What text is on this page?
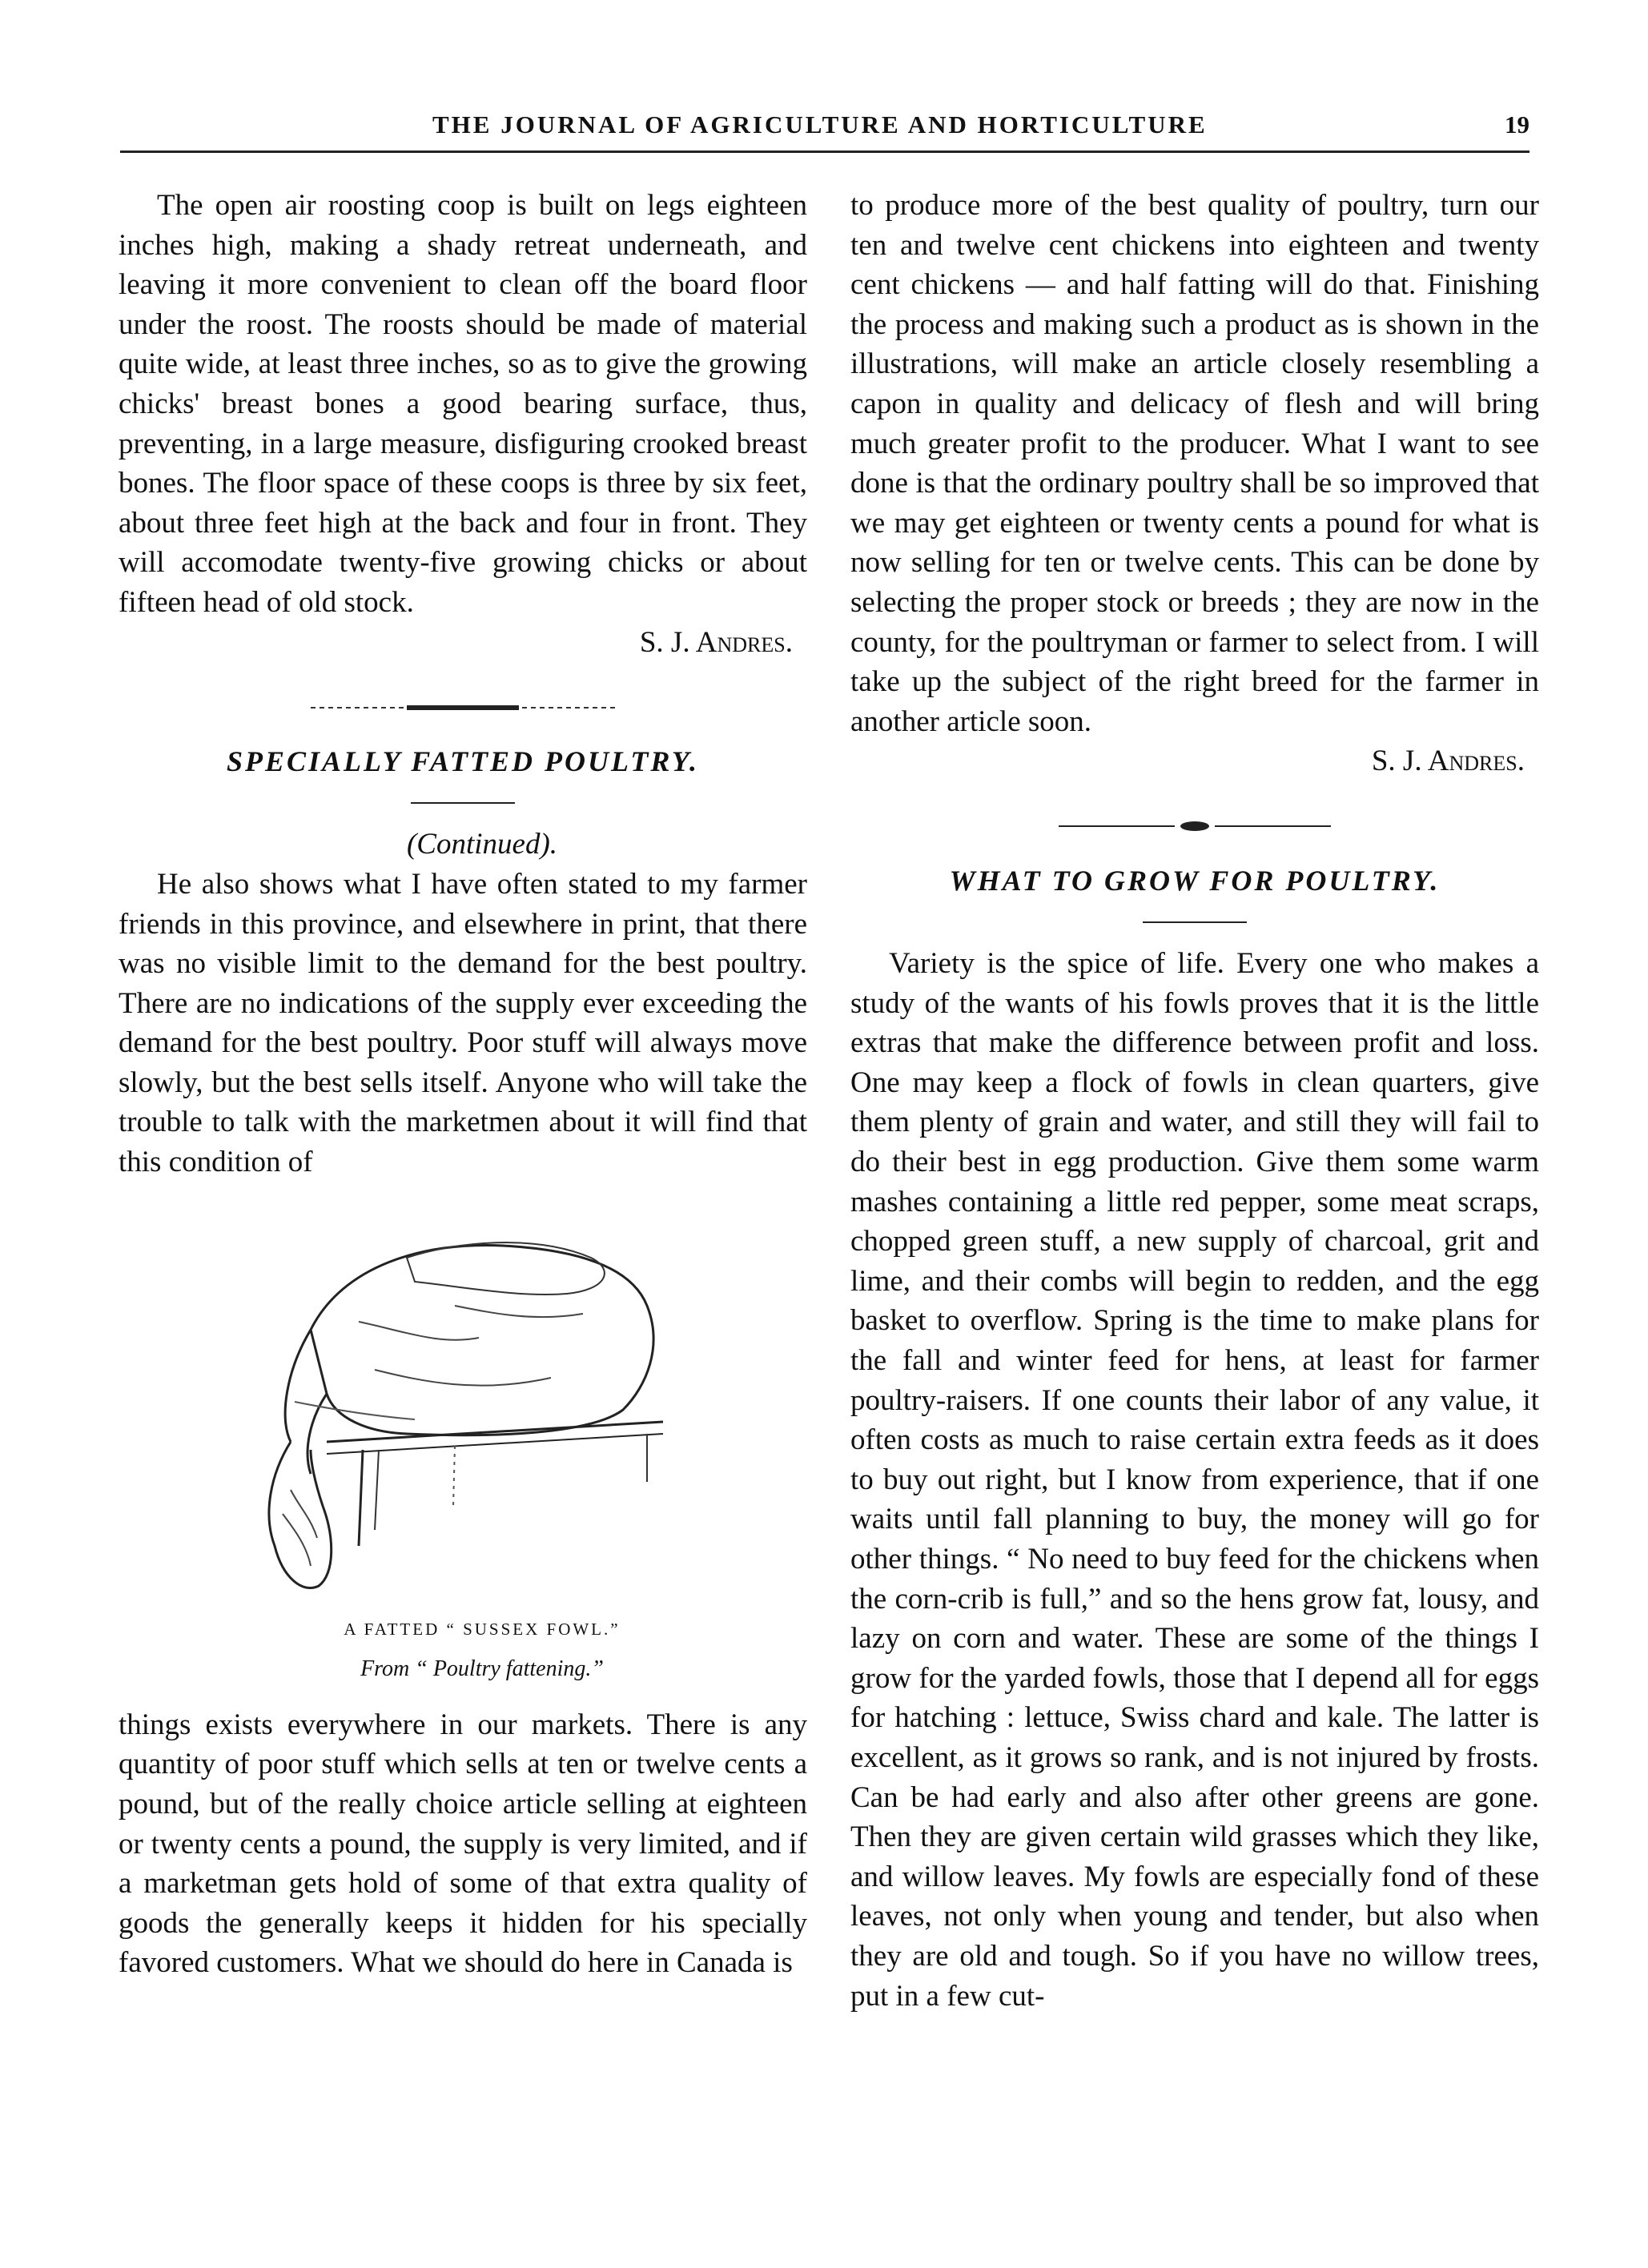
THE JOURNAL OF AGRICULTURE AND HORTICULTURE	19

The open air roosting coop is built on legs eighteen inches high, making a shady retreat underneath, and leaving it more convenient to clean off the board floor under the roost. The roosts should be made of material quite wide, at least three inches, so as to give the growing chicks' breast bones a good bearing surface, thus, preventing, in a large measure, disfiguring crooked breast bones. The floor space of these coops is three by six feet, about three feet high at the back and four in front. They will accomodate twenty-five growing chicks or about fifteen head of old stock.

S. J. Andres.

SPECIALLY FATTED POULTRY.

(Continued).

He also shows what I have often stated to my farmer friends in this province, and elsewhere in print, that there was no visible limit to the demand for the best poultry. There are no indications of the supply ever exceeding the demand for the best poultry. Poor stuff will always move slowly, but the best sells itself. Anyone who will take the trouble to talk with the marketmen about it will find that this condition of

A FATTED “ SUSSEX FOWL.”

From “ Poultry fattening.”

things exists everywhere in our markets. There is any quantity of poor stuff which sells at ten or twelve cents a pound, but of the really choice article selling at eighteen or twenty cents a pound, the supply is very limited, and if a marketman gets hold of some of that extra quality of goods the generally keeps it hidden for his specially favored customers. What we should do here in Canada is

to produce more of the best quality of poultry, turn our ten and twelve cent chickens into eighteen and twenty cent chickens — and half fatting will do that. Finishing the process and making such a product as is shown in the illustrations, will make an article closely resembling a capon in quality and delicacy of flesh and will bring much greater profit to the producer. What I want to see done is that the ordinary poultry shall be so improved that we may get eighteen or twenty cents a pound for what is now selling for ten or twelve cents. This can be done by selecting the proper stock or breeds ; they are now in the county, for the poultryman or farmer to select from. I will take up the subject of the right breed for the farmer in another article soon.

S. J. Andres.

WHAT TO GROW FOR POULTRY.

Variety is the spice of life. Every one who makes a study of the wants of his fowls proves that it is the little extras that make the difference between profit and loss. One may keep a flock of fowls in clean quarters, give them plenty of grain and water, and still they will fail to do their best in egg production. Give them some warm mashes containing a little red pepper, some meat scraps, chopped green stuff, a new supply of charcoal, grit and lime, and their combs will begin to redden, and the egg basket to overflow. Spring is the time to make plans for the fall and winter feed for hens, at least for farmer poultry-raisers. If one counts their labor of any value, it often costs as much to raise certain extra feeds as it does to buy out right, but I know from experience, that if one waits until fall planning to buy, the money will go for other things. “ No need to buy feed for the chickens when the corn-crib is full,” and so the hens grow fat, lousy, and lazy on corn and water. These are some of the things I grow for the yarded fowls, those that I depend all for eggs for hatching : lettuce, Swiss chard and kale. The latter is excellent, as it grows so rank, and is not injured by frosts. Can be had early and also after other greens are gone. Then they are given certain wild grasses which they like, and willow leaves. My fowls are especially fond of these leaves, not only when young and tender, but also when they are old and tough. So if you have no willow trees, put in a few cut-
